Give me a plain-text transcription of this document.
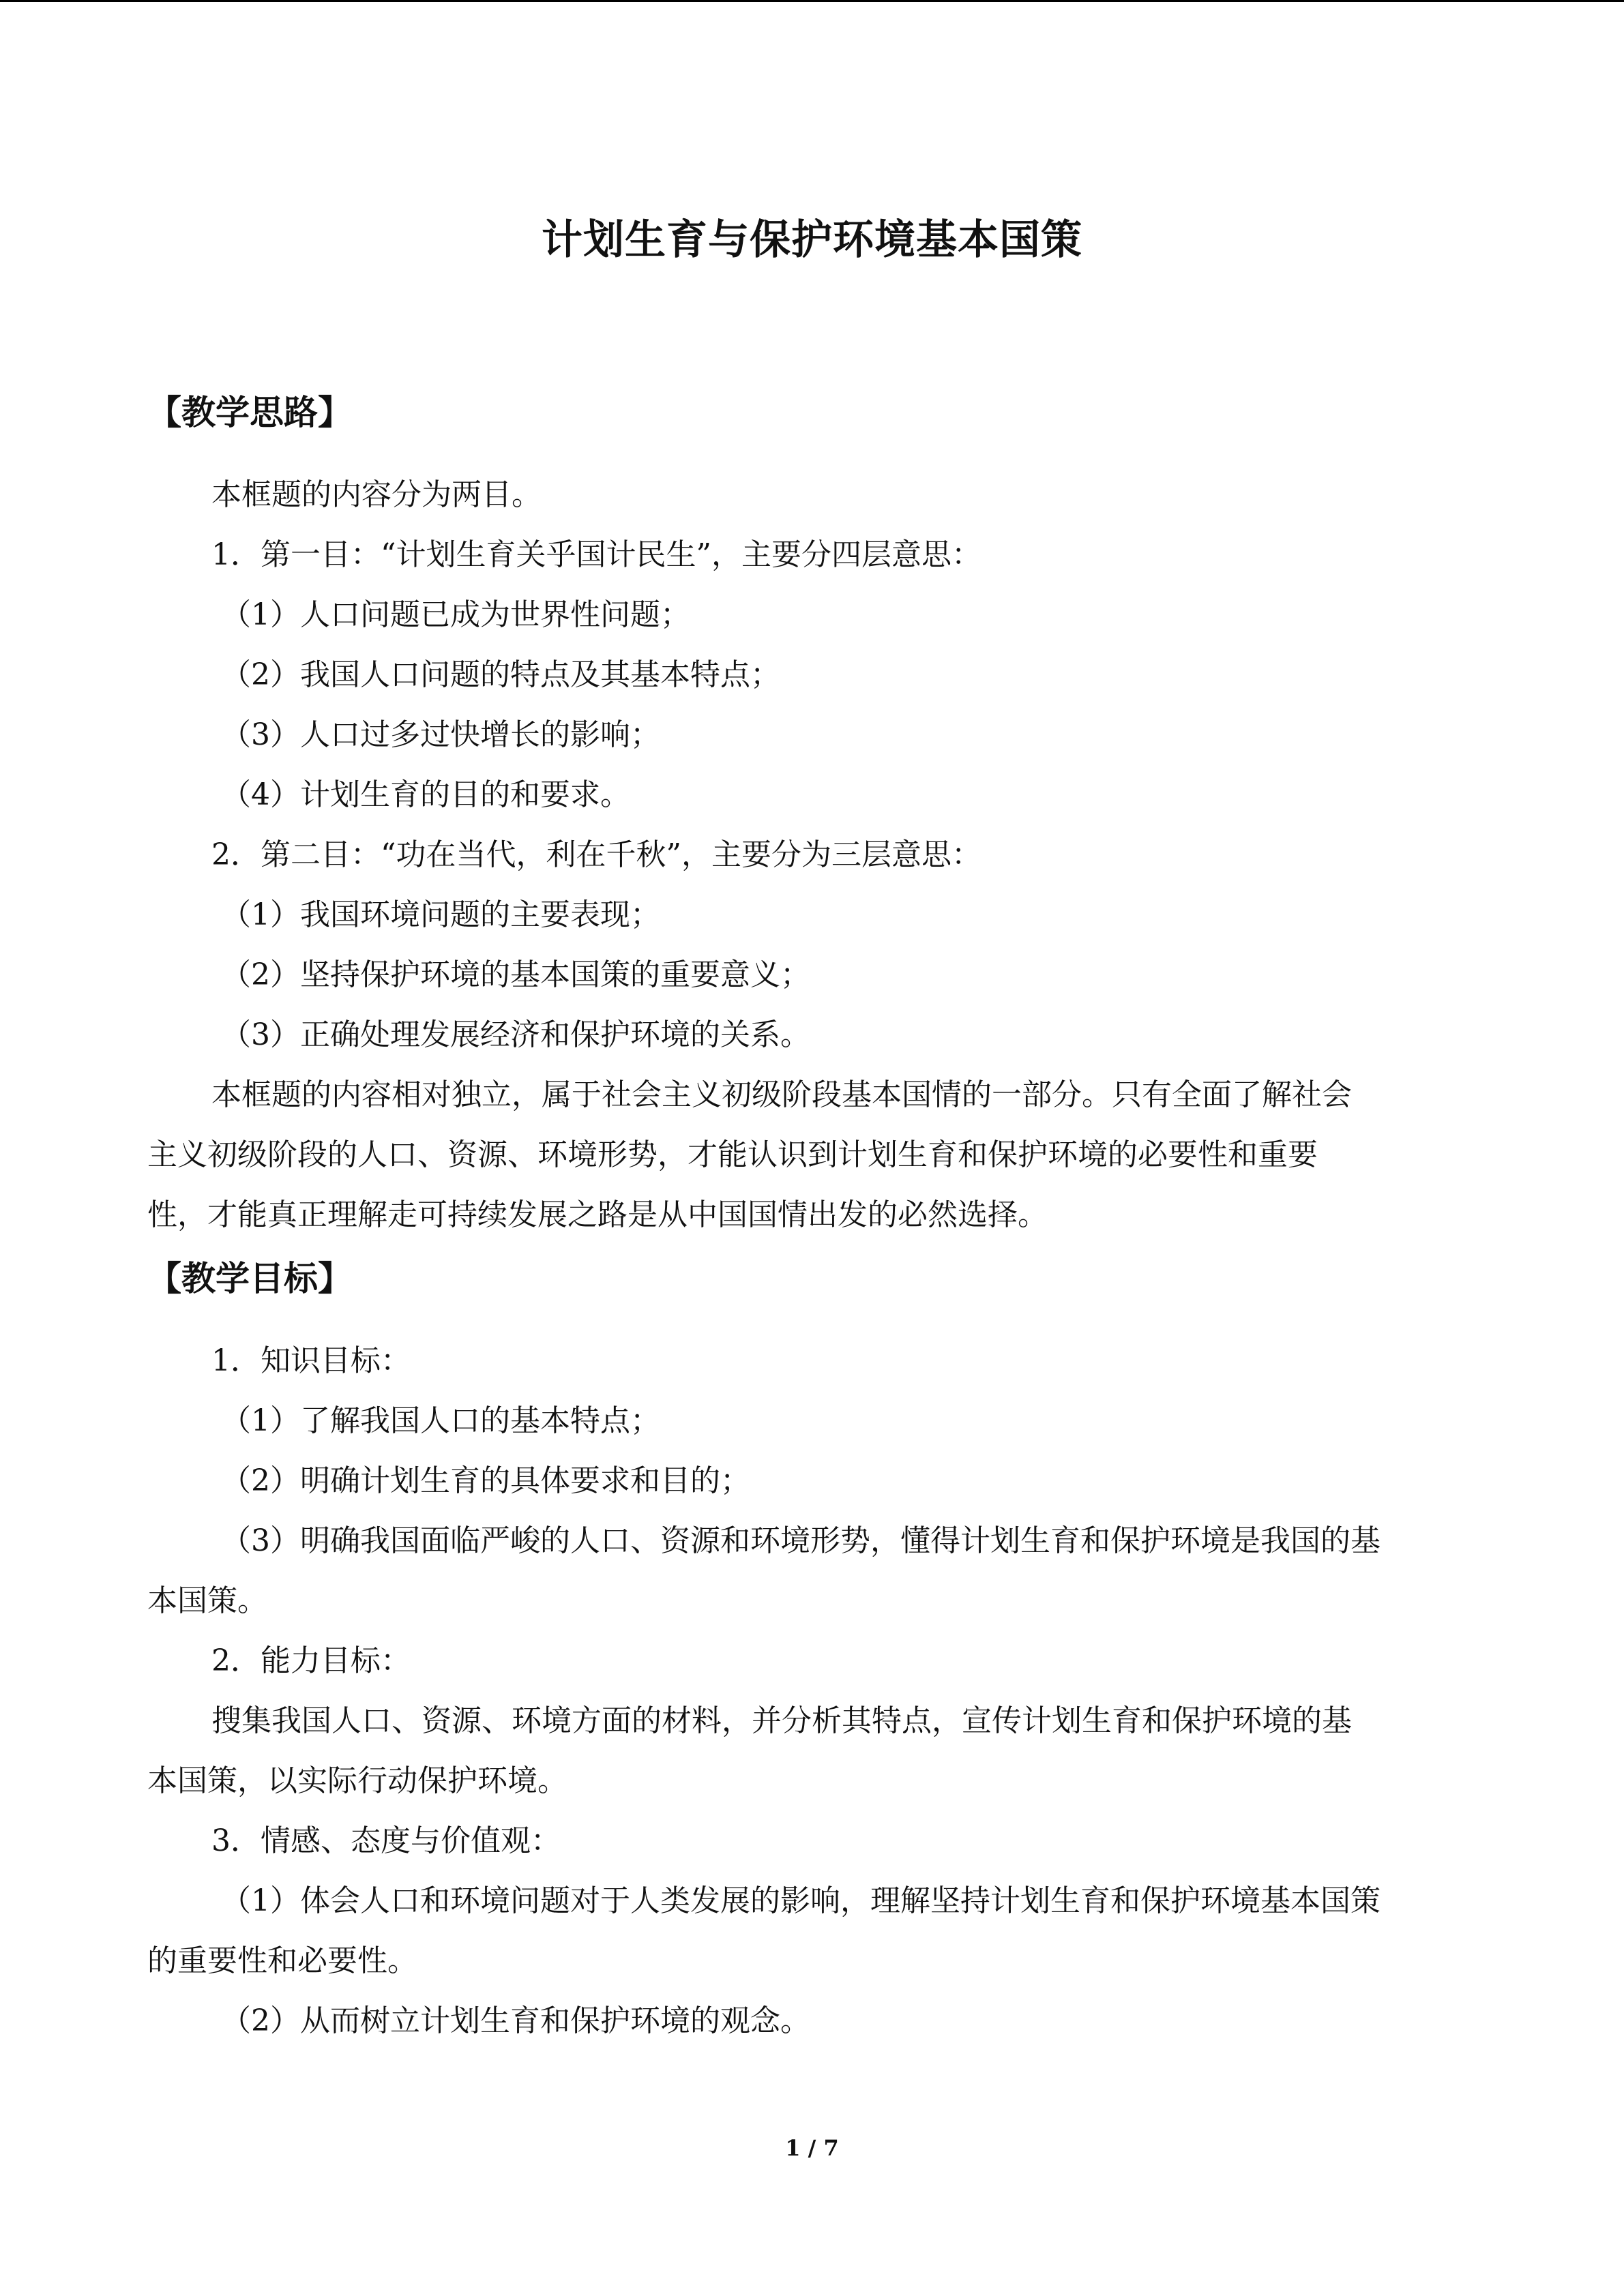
计划生育与保护环境基本国策
【教学思路】
本框题的内容分为两目。
1．第一目：“计划生育关乎国计民生”，主要分四层意思：
（1）人口问题已成为世界性问题；
（2）我国人口问题的特点及其基本特点；
（3）人口过多过快增长的影响；
（4）计划生育的目的和要求。
2．第二目：“功在当代，利在千秋”，主要分为三层意思：
（1）我国环境问题的主要表现；
（2）坚持保护环境的基本国策的重要意义；
（3）正确处理发展经济和保护环境的关系。
本框题的内容相对独立，属于社会主义初级阶段基本国情的一部分。只有全面了解社会
主义初级阶段的人口、资源、环境形势，才能认识到计划生育和保护环境的必要性和重要
性，才能真正理解走可持续发展之路是从中国国情出发的必然选择。
【教学目标】
1．知识目标：
（1）了解我国人口的基本特点；
（2）明确计划生育的具体要求和目的；
（3）明确我国面临严峻的人口、资源和环境形势，懂得计划生育和保护环境是我国的基
本国策。
2．能力目标：
搜集我国人口、资源、环境方面的材料，并分析其特点，宣传计划生育和保护环境的基
本国策，以实际行动保护环境。
3．情感、态度与价值观：
（1）体会人口和环境问题对于人类发展的影响，理解坚持计划生育和保护环境基本国策
的重要性和必要性。
（2）从而树立计划生育和保护环境的观念。
1 / 7
